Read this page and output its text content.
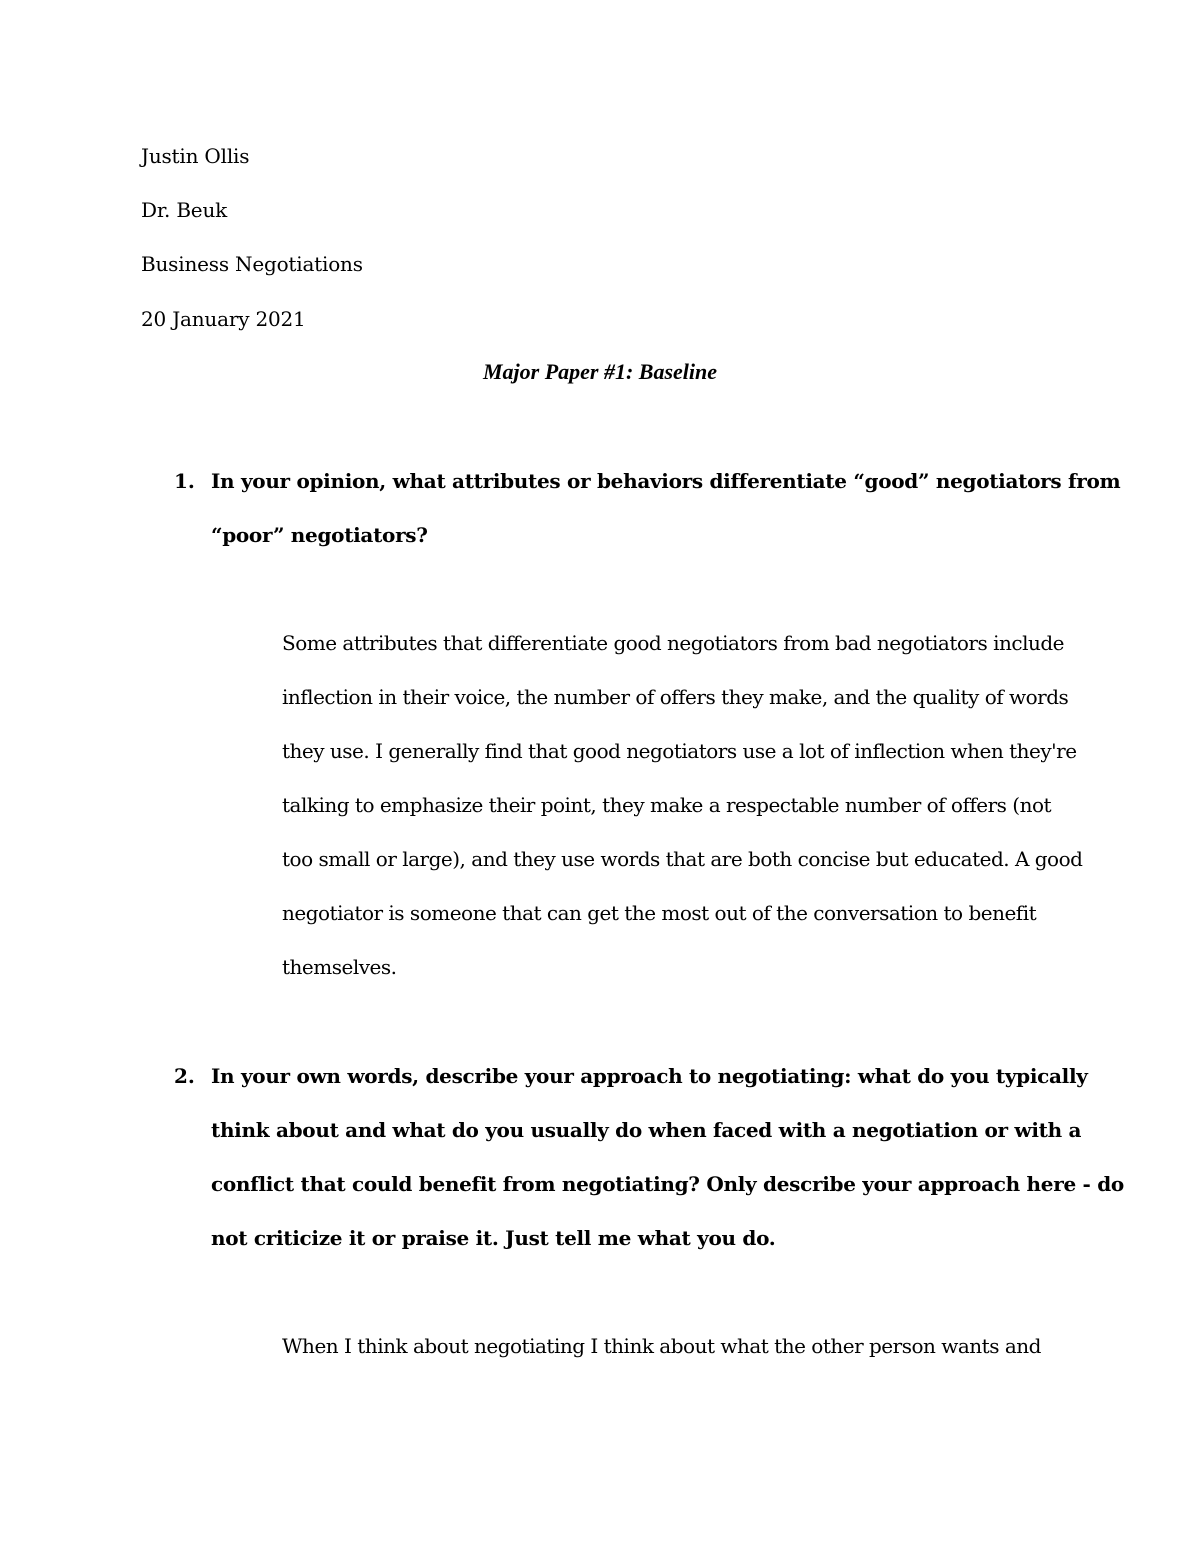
Justin Ollis
Dr. Beuk
Business Negotiations
20 January 2021
Major Paper #1: Baseline
1. In your opinion, what attributes or behaviors differentiate “good” negotiators from
“poor” negotiators?
Some attributes that differentiate good negotiators from bad negotiators include
inflection in their voice, the number of offers they make, and the quality of words
they use. I generally find that good negotiators use a lot of inflection when they're
talking to emphasize their point, they make a respectable number of offers (not
too small or large), and they use words that are both concise but educated. A good
negotiator is someone that can get the most out of the conversation to benefit
themselves.
2. In your own words, describe your approach to negotiating: what do you typically
think about and what do you usually do when faced with a negotiation or with a
conflict that could benefit from negotiating? Only describe your approach here - do
not criticize it or praise it. Just tell me what you do.
When I think about negotiating I think about what the other person wants and
